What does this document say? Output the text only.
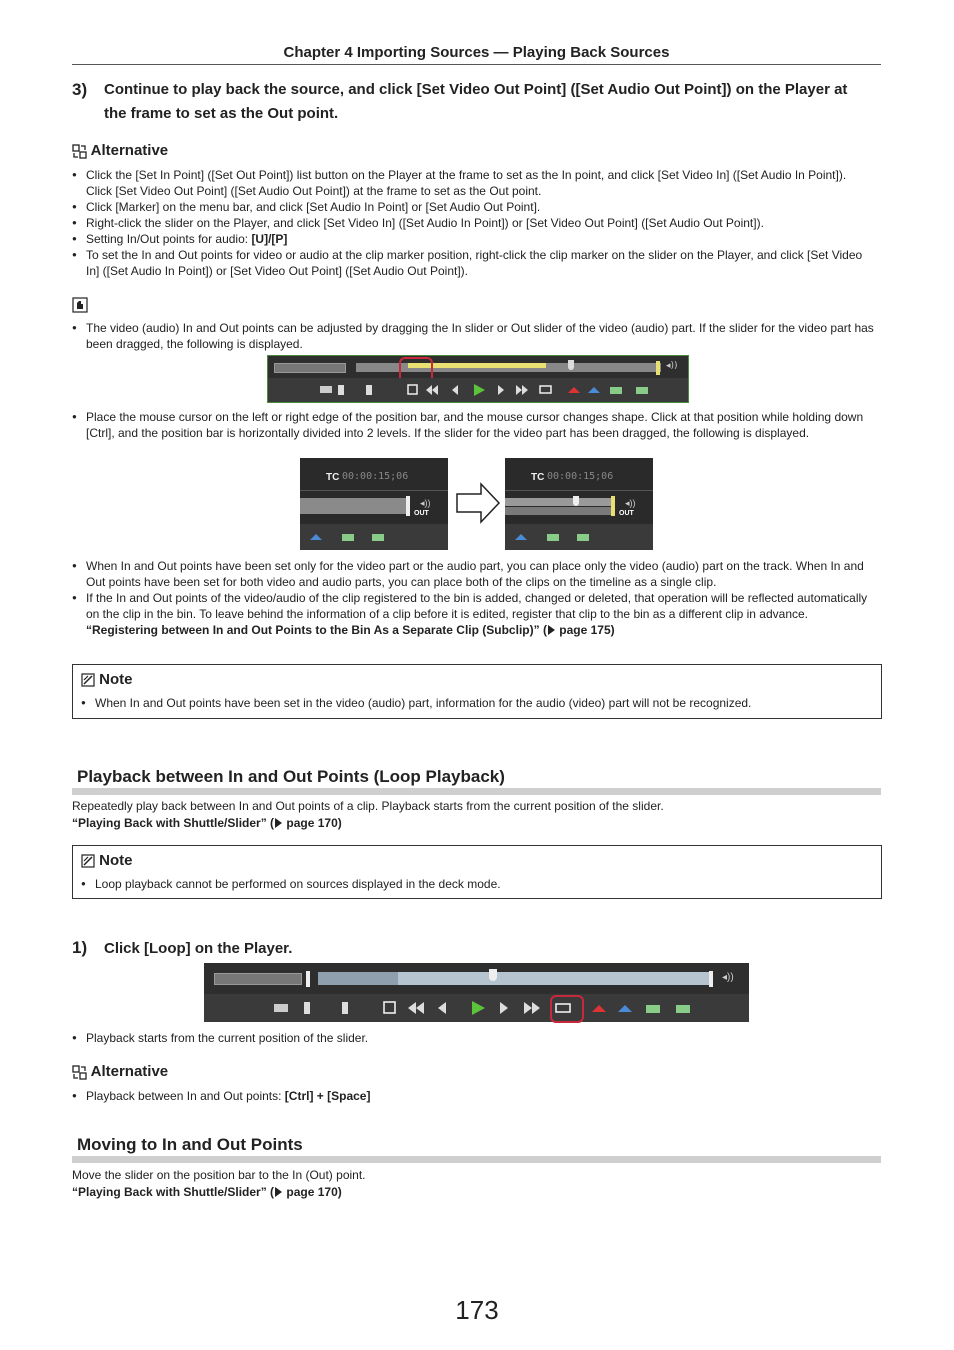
Chapter 4 Importing Sources — Playing Back Sources
3) Continue to play back the source, and click [Set Video Out Point] ([Set Audio Out Point]) on the Player at the frame to set as the Out point.
Alternative
● Click the [Set In Point] ([Set Out Point]) list button on the Player at the frame to set as the In point, and click [Set Video In] ([Set Audio In Point]). Click [Set Video Out Point] ([Set Audio Out Point]) at the frame to set as the Out point.
● Click [Marker] on the menu bar, and click [Set Audio In Point] or [Set Audio Out Point].
● Right-click the slider on the Player, and click [Set Video In] ([Set Audio In Point]) or [Set Video Out Point] ([Set Audio Out Point]).
● Setting In/Out points for audio: [U]/[P]
● To set the In and Out points for video or audio at the clip marker position, right-click the clip marker on the slider on the Player, and click [Set Video In] ([Set Audio In Point]) or [Set Video Out Point] ([Set Audio Out Point]).
● The video (audio) In and Out points can be adjusted by dragging the In slider or Out slider of the video (audio) part. If the slider for the video part has been dragged, the following is displayed.
◂))
● Place the mouse cursor on the left or right edge of the position bar, and the mouse cursor changes shape. Click at that position while holding down [Ctrl], and the position bar is horizontally divided into 2 levels. If the slider for the video part has been dragged, the following is displayed.
TC 00:00:15;06
OUT
◂))
TC 00:00:15;06
OUT
◂))
● When In and Out points have been set only for the video part or the audio part, you can place only the video (audio) part on the track. When In and Out points have been set for both video and audio parts, you can place both of the clips on the timeline as a single clip.
● If the In and Out points of the video/audio of the clip registered to the bin is added, changed or deleted, that operation will be reflected automatically on the clip in the bin. To leave behind the information of a clip before it is edited, register that clip to the bin as a different clip in advance.
“Registering between In and Out Points to the Bin As a Separate Clip (Subclip)” ( page 175)
Note
● When In and Out points have been set in the video (audio) part, information for the audio (video) part will not be recognized.
Playback between In and Out Points (Loop Playback)
Repeatedly play back between In and Out points of a clip. Playback starts from the current position of the slider.
“Playing Back with Shuttle/Slider” ( page 170)
Note
● Loop playback cannot be performed on sources displayed in the deck mode.
1) Click [Loop] on the Player.
◂))
● Playback starts from the current position of the slider.
Alternative
● Playback between In and Out points: [Ctrl] + [Space]
Moving to In and Out Points
Move the slider on the position bar to the In (Out) point.
“Playing Back with Shuttle/Slider” ( page 170)
173
